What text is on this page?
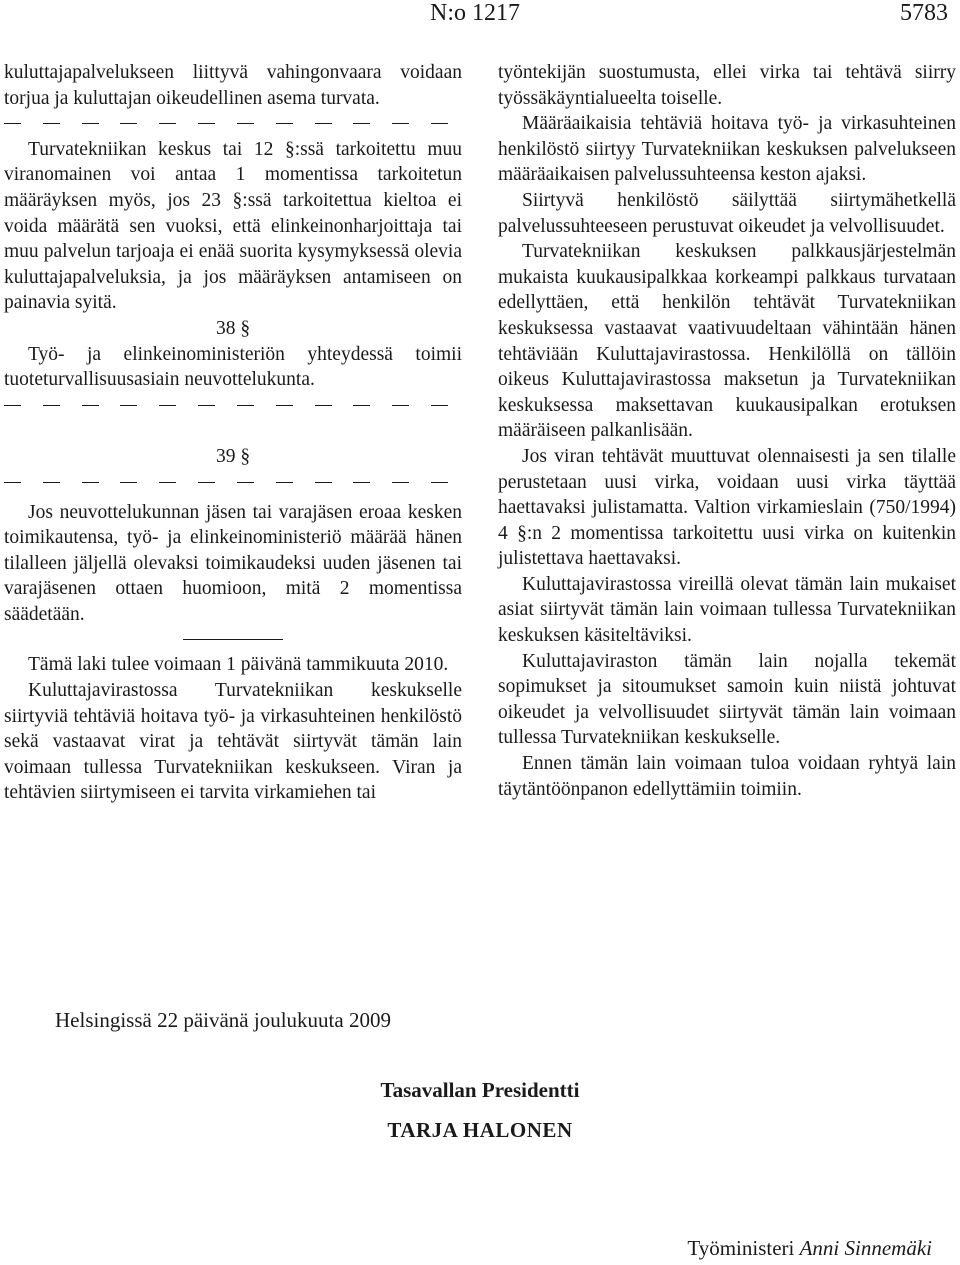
N:o 1217	5783

kuluttajapalvelukseen liittyvä vahingonvaara voidaan torjua ja kuluttajan oikeudellinen asema turvata.

Turvatekniikan keskus tai 12 §:ssä tarkoitettu muu viranomainen voi antaa 1 momentissa tarkoitetun määräyksen myös, jos 23 §:ssä tarkoitettua kieltoa ei voida määrätä sen vuoksi, että elinkeinonharjoittaja tai muu palvelun tarjoaja ei enää suorita kysymyksessä olevia kuluttajapalveluksia, ja jos määräyksen antamiseen on painavia syitä.

38 §

Työ- ja elinkeinoministeriön yhteydessä toimii tuoteturvallisuusasiain neuvottelukunta.

39 §

Jos neuvottelukunnan jäsen tai varajäsen eroaa kesken toimikautensa, työ- ja elinkeinoministeriö määrää hänen tilalleen jäljellä olevaksi toimikaudeksi uuden jäsenen tai varajäsenen ottaen huomioon, mitä 2 momentissa säädetään.

Tämä laki tulee voimaan 1 päivänä tammikuuta 2010.

Kuluttajavirastossa Turvatekniikan keskukselle siirtyviä tehtäviä hoitava työ- ja virkasuhteinen henkilöstö sekä vastaavat virat ja tehtävät siirtyvät tämän lain voimaan tullessa Turvatekniikan keskukseen. Viran ja tehtävien siirtymiseen ei tarvita virkamiehen tai

työntekijän suostumusta, ellei virka tai tehtävä siirry työssäkäyntialueelta toiselle.

Määräaikaisia tehtäviä hoitava työ- ja virkasuhteinen henkilöstö siirtyy Turvatekniikan keskuksen palvelukseen määräaikaisen palvelussuhteensa keston ajaksi.

Siirtyvä henkilöstö säilyttää siirtymähetkellä palvelussuhteeseen perustuvat oikeudet ja velvollisuudet.

Turvatekniikan keskuksen palkkausjärjestelmän mukaista kuukausipalkkaa korkeampi palkkaus turvataan edellyttäen, että henkilön tehtävät Turvatekniikan keskuksessa vastaavat vaativuudeltaan vähintään hänen tehtäviään Kuluttajavirastossa. Henkilöllä on tällöin oikeus Kuluttajavirastossa maksetun ja Turvatekniikan keskuksessa maksettavan kuukausipalkan erotuksen määräiseen palkanlisään.

Jos viran tehtävät muuttuvat olennaisesti ja sen tilalle perustetaan uusi virka, voidaan uusi virka täyttää haettavaksi julistamatta. Valtion virkamieslain (750/1994) 4 §:n 2 momentissa tarkoitettu uusi virka on kuitenkin julistettava haettavaksi.

Kuluttajavirastossa vireillä olevat tämän lain mukaiset asiat siirtyvät tämän lain voimaan tullessa Turvatekniikan keskuksen käsiteltäviksi.

Kuluttajaviraston tämän lain nojalla tekemät sopimukset ja sitoumukset samoin kuin niistä johtuvat oikeudet ja velvollisuudet siirtyvät tämän lain voimaan tullessa Turvatekniikan keskukselle.

Ennen tämän lain voimaan tuloa voidaan ryhtyä lain täytäntöönpanon edellyttämiin toimiin.

Helsingissä 22 päivänä joulukuuta 2009
Tasavallan Presidentti
TARJA HALONEN
Työministeri Anni Sinnemäki
